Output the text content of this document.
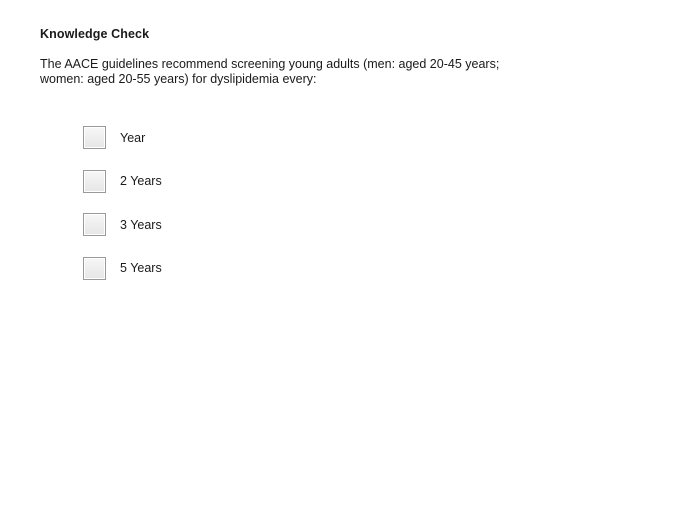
Knowledge Check
The AACE guidelines recommend screening young adults (men: aged 20-45 years;
women: aged 20-55 years) for dyslipidemia every:
Year
2 Years
3 Years
5 Years
